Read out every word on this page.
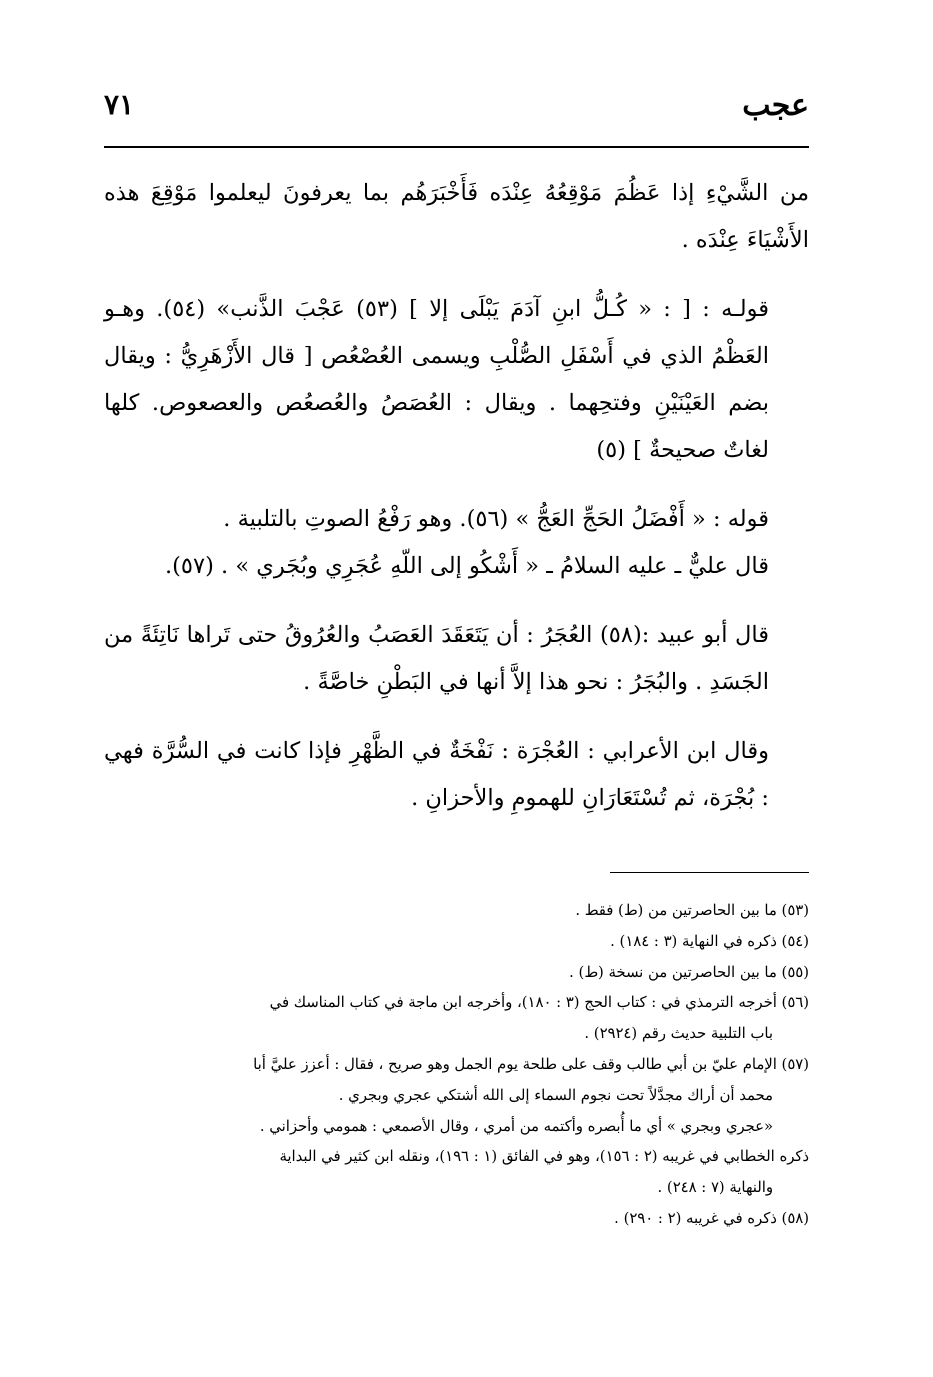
عجب
٧١

من الشَّيْءِ إذا عَظُمَ مَوْقِعُهُ عِنْدَه فَأَخْبَرَهُم بما يعرفونَ ليعلموا مَوْقِعَ هذه الأَشْيَاءَ عِنْدَه .

قولـه : [ : « كُـلُّ ابنِ آدَمَ يَبْلَى إلا ] (٥٣) عَجْبَ الذَّنب» (٥٤). وهـو العَظْمُ الذي في أَسْفَلِ الصُّلْبِ ويسمى العُصْعُص [ قال الأَزْهَرِيُّ : ويقال بضم العَيْنَيْنِ وفتحِهما . ويقال : العُصَصُ والعُصعُص والعصعوص. كلها لغاتٌ صحيحةٌ ] (٥)

قوله : « أَفْضَلُ الحَجِّ العَجُّ » (٥٦). وهو رَفْعُ الصوتِ بالتلبية .

قال عليٌّ ـ عليه السلامُ ـ « أَشْكُو إلى اللّهِ عُجَرِي وبُجَري » . (٥٧).

قال أبو عبيد :(٥٨) العُجَرُ : أن يَتَعَقَدَ العَصَبُ والعُرُوقُ حتى تَراها نَاتِئَةً من الجَسَدِ . والبُجَرُ : نحو هذا إلاَّ أنها في البَطْنِ خاصَّةً .

وقال ابن الأعرابي : العُجْرَة : نَفْخَةٌ في الظَّهْرِ فإذا كانت في السُّرَّة فهي : بُجْرَة، ثم تُسْتَعَارَانِ للهمومِ والأحزانِ .

(٥٣) ما بين الحاصرتين من (ط) فقط .

(٥٤) ذكره في النهاية (٣ : ١٨٤) .

(٥٥) ما بين الحاصرتين من نسخة (ط) .

(٥٦) أخرجه الترمذي في : كتاب الحج (٣ : ١٨٠)، وأخرجه ابن ماجة في كتاب المناسك في

باب التلبية حديث رقم (٢٩٢٤) .

(٥٧) الإمام عليّ بن أبي طالب وقف على طلحة يوم الجمل وهو صريح ، فقال : أعزز عليَّ أبا

محمد أن أراك مجدَّلاً تحت نجوم السماء إلى الله أشتكي عجري وبجري .

«عجري وبجري » أي ما أُبصره وأكتمه من أمري ، وقال الأصمعي : همومي وأحزاني .

ذكره الخطابي في غريبه (٢ : ١٥٦)، وهو في الفائق (١ : ١٩٦)، ونقله ابن كثير في البداية

والنهاية (٧ : ٢٤٨) .

(٥٨) ذكره في غريبه (٢ : ٢٩٠) .
